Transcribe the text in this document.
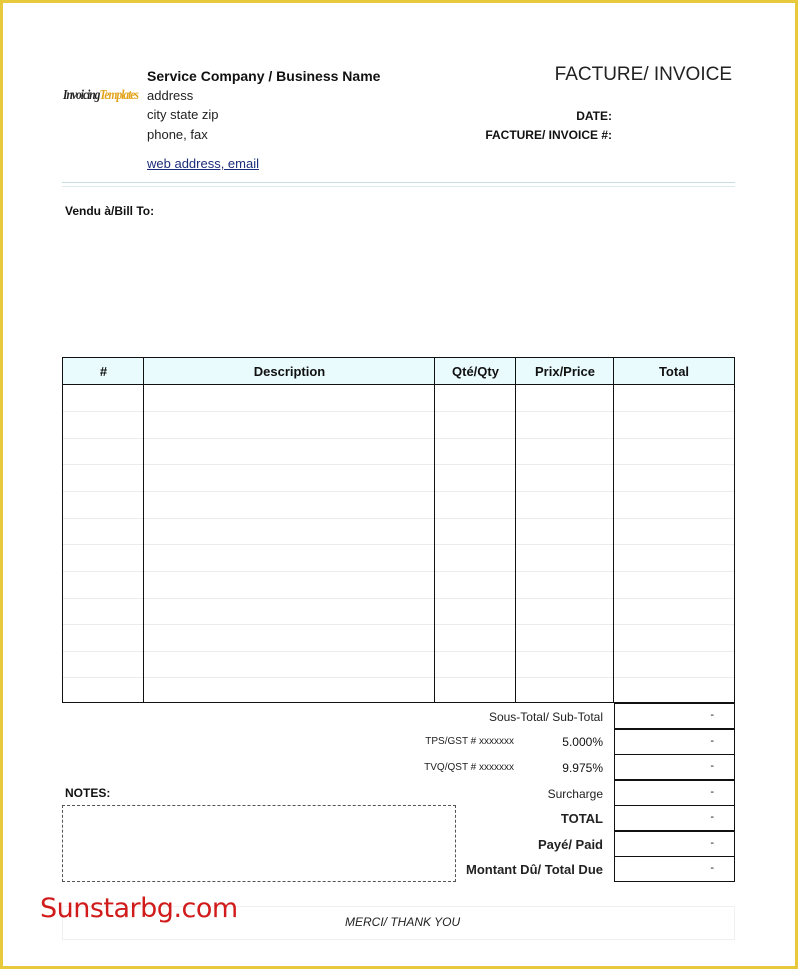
InvoicingTemplates
Service Company / Business Name
address
city state zip
phone, fax
web address, email
FACTURE/ INVOICE
DATE:
FACTURE/ INVOICE #:
Vendu à/Bill To:
#	Description	Qté/Qty	Prix/Price	Total
Sous-Total/ Sub-Total	-
TPS/GST # xxxxxxx	5.000%	-
TVQ/QST # xxxxxxx	9.975%	-
Surcharge	-
TOTAL	-
Payé/ Paid	-
Montant Dû/ Total Due	-
NOTES:
MERCI/ THANK YOU
Sunstarbg.com
